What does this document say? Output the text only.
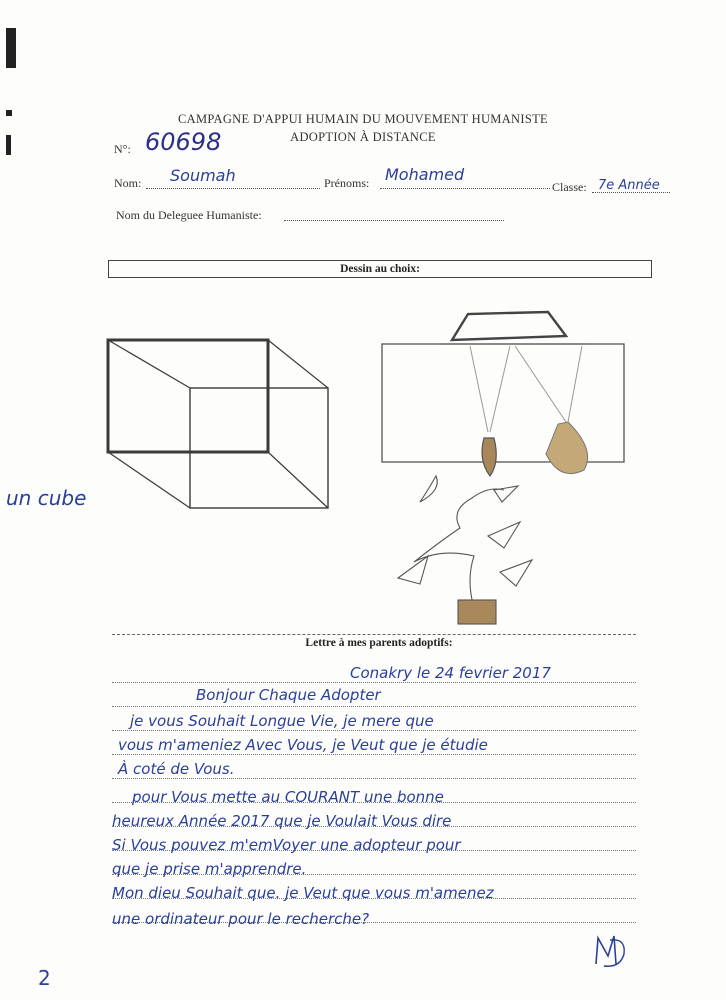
CAMPAGNE D'APPUI HUMAIN DU MOUVEMENT HUMANISTE
ADOPTION À DISTANCE
N°: 60698
Nom: Soumah	Prénoms: Mohamed
Classe: 7e Année
Nom du Deleguee Humaniste:
Dessin au choix:
un cube
Lettre à mes parents adoptifs:
Conakry le 24 fevrier 2017
Bonjour Chaque Adopter
je vous Souhait Longue Vie, je mere que
vous m'ameniez Avec Vous, je Veut que je étudie
À coté de Vous.
pour Vous mette au COURANT une bonne
heureux Année 2017 que je Voulait Vous dire
Si Vous pouvez m'emVoyer une adopteur pour
que je prise m'apprendre.
Mon dieu Souhait que. je Veut que vous m'amenez
une ordinateur pour le recherche?
2
